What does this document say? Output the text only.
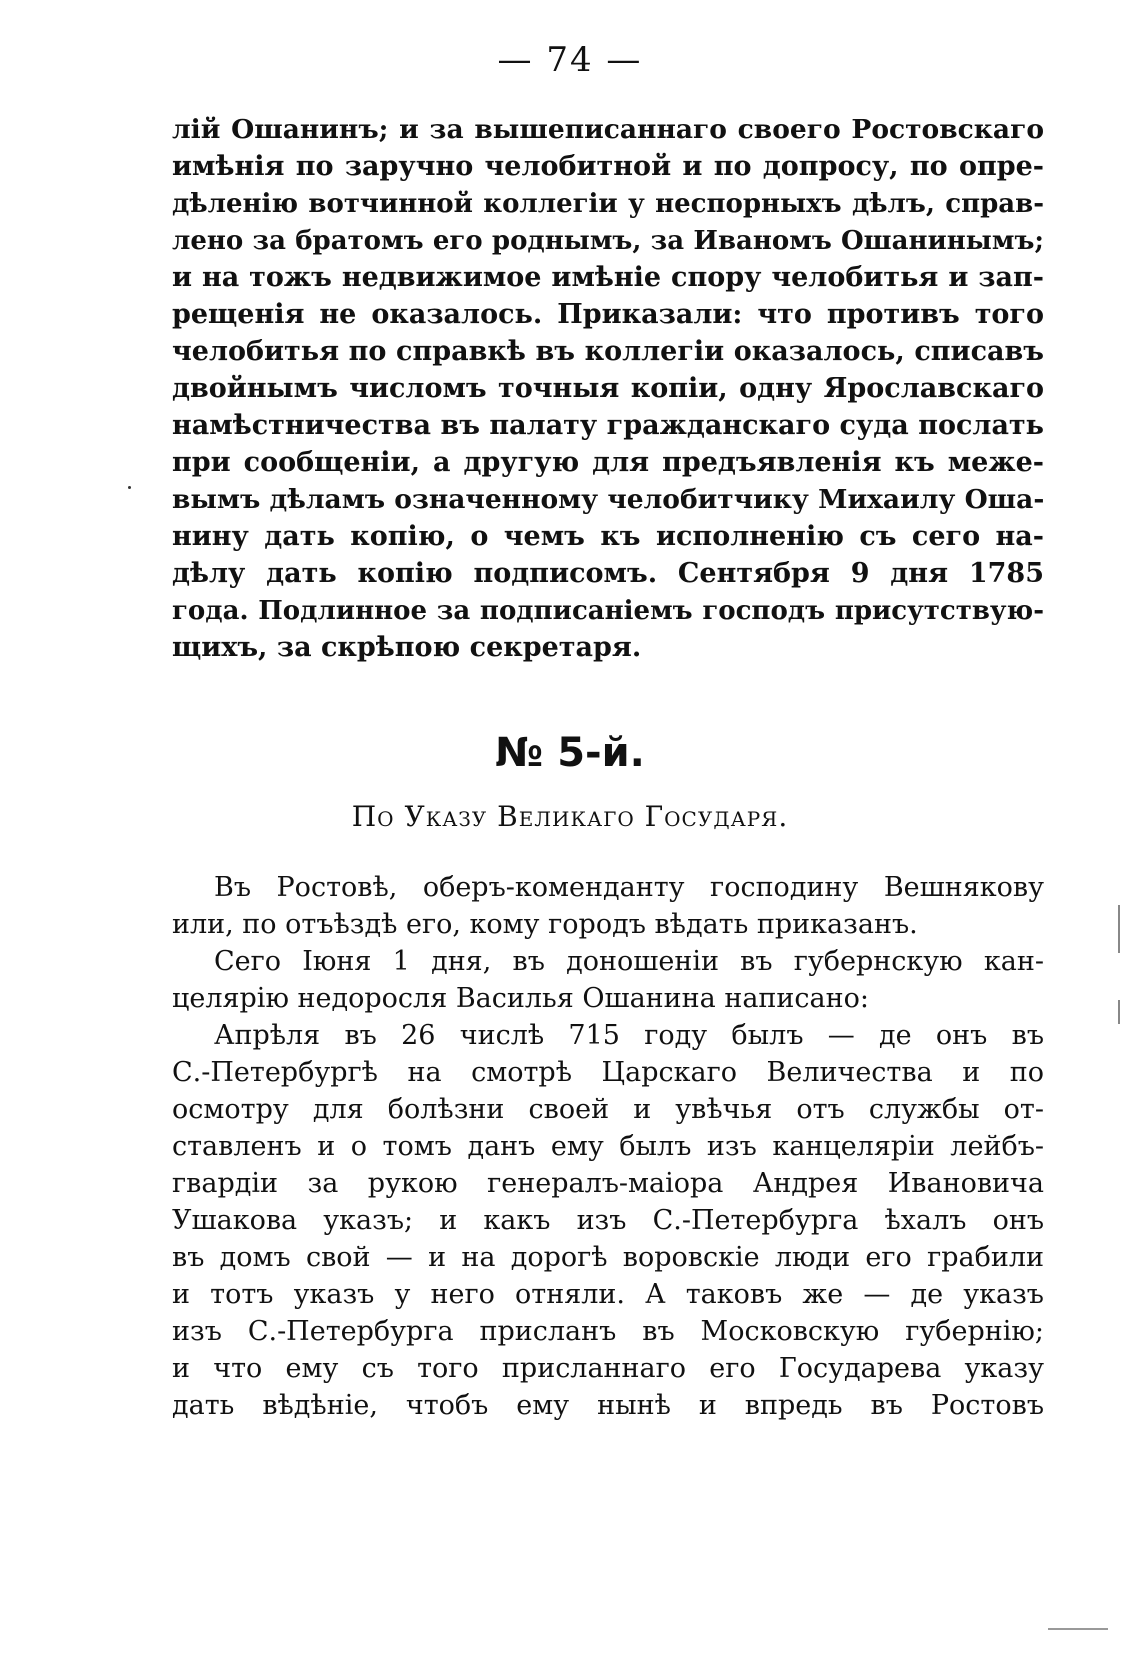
— 74 —
лій Ошанинъ; и за вышеписаннаго своего Ростовскаго
имѣнія по заручно челобитной и по допросу, по опре-
дѣленію вотчинной коллегіи у неспорныхъ дѣлъ, справ-
лено за братомъ его роднымъ, за Иваномъ Ошанинымъ;
и на тожъ недвижимое имѣніе спору челобитья и зап-
рещенія не оказалось. Приказали: что противъ того
челобитья по справкѣ въ коллегіи оказалось, списавъ
двойнымъ числомъ точныя копіи, одну Ярославскаго
намѣстничества въ палату гражданскаго суда послать
при сообщеніи, а другую для предъявленія къ меже-
вымъ дѣламъ означенному челобитчику Михаилу Оша-
нину дать копію, о чемъ къ исполненію съ сего на-
дѣлу дать копію подписомъ. Сентября 9 дня 1785
года. Подлинное за подписаніемъ господъ присутствую-
щихъ, за скрѣпою секретаря.
№ 5-й.
По Указу Великаго Государя.
Въ Ростовѣ, оберъ-коменданту господину Вешнякову
или, по отъѣздѣ его, кому городъ вѣдать приказанъ.
Сего Іюня 1 дня, въ доношеніи въ губернскую кан-
целярію недоросля Василья Ошанина написано:
Апрѣля въ 26 числѣ 715 году былъ — де онъ въ
С.-Петербургѣ на смотрѣ Царскаго Величества и по
осмотру для болѣзни своей и увѣчья отъ службы от-
ставленъ и о томъ данъ ему былъ изъ канцеляріи лейбъ-
гвардіи за рукою генералъ-маіора Андрея Ивановича
Ушакова указъ; и какъ изъ С.-Петербурга ѣхалъ онъ
въ домъ свой — и на дорогѣ воровскіе люди его грабили
и тотъ указъ у него отняли. А таковъ же — де указъ
изъ С.-Петербурга присланъ въ Московскую губернію;
и что ему съ того присланнаго его Государева указу
дать вѣдѣніе, чтобъ ему нынѣ и впредь въ Ростовъ
